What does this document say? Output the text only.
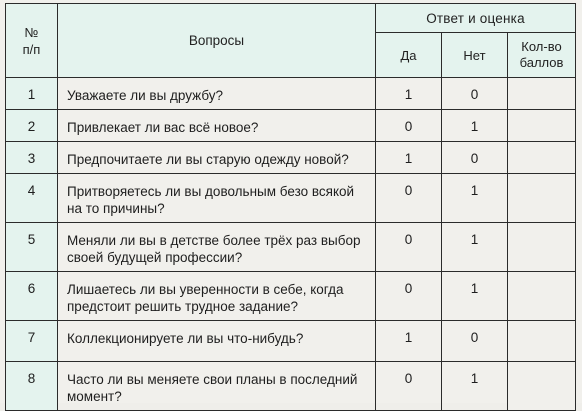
№
п/п	Вопросы	Ответ и оценка		
		Да	Нет	Кол-во
баллов

1	Уважаете ли вы дружбу?	1	0	
2	Привлекает ли вас всё новое?	0	1	
3	Предпочитаете ли вы старую одежду новой?	1	0	
4	Притворяетесь ли вы довольным безо всякой на то причины?	0	1	
5	Меняли ли вы в детстве более трёх раз выбор своей будущей профессии?	0	1	
6	Лишаетесь ли вы уверенности в себе, когда предстоит решить трудное задание?	0	1	
7	Коллекционируете ли вы что-нибудь?	1	0	
8	Часто ли вы меняете свои планы в последний момент?	0	1	
